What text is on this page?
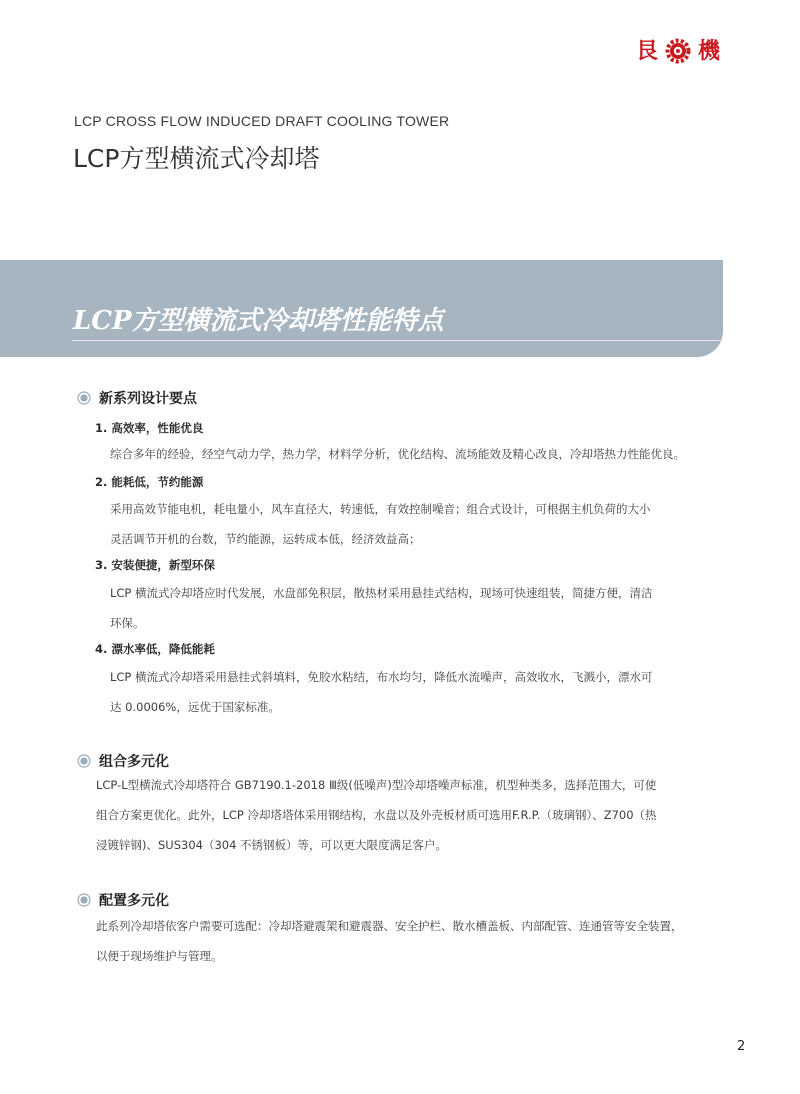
艮 機
LCP CROSS FLOW INDUCED DRAFT COOLING TOWER
LCP方型横流式冷却塔
LCP方型横流式冷却塔性能特点
新系列设计要点
1. 高效率，性能优良
综合多年的经验，经空气动力学，热力学，材料学分析，优化结构、流场能效及精心改良，冷却塔热力性能优良。
2. 能耗低，节约能源
采用高效节能电机，耗电量小，风车直径大，转速低，有效控制噪音；组合式设计，可根据主机负荷的大小
灵活调节开机的台数，节约能源，运转成本低，经济效益高；
3. 安装便捷，新型环保
LCP 横流式冷却塔应时代发展，水盘部免积层，散热材采用悬挂式结构，现场可快速组装，简捷方便，清洁
环保。
4. 漂水率低，降低能耗
LCP 横流式冷却塔采用悬挂式斜填料，免胶水粘结，布水均匀，降低水流噪声，高效收水，飞溅小，漂水可
达 0.0006%，远优于国家标准。
组合多元化
LCP-L型横流式冷却塔符合 GB7190.1-2018 Ⅲ级(低噪声)型冷却塔噪声标准，机型种类多，选择范围大，可使
组合方案更优化。此外，LCP 冷却塔塔体采用钢结构，水盘以及外壳板材质可选用F.R.P.（玻璃钢）、Z700（热
浸镀锌钢)、SUS304（304 不锈钢板）等，可以更大限度满足客户。
配置多元化
此系列冷却塔依客户需要可选配：冷却塔避震架和避震器、安全护栏、散水槽盖板、内部配管、连通管等安全装置，
以便于现场维护与管理。
2
